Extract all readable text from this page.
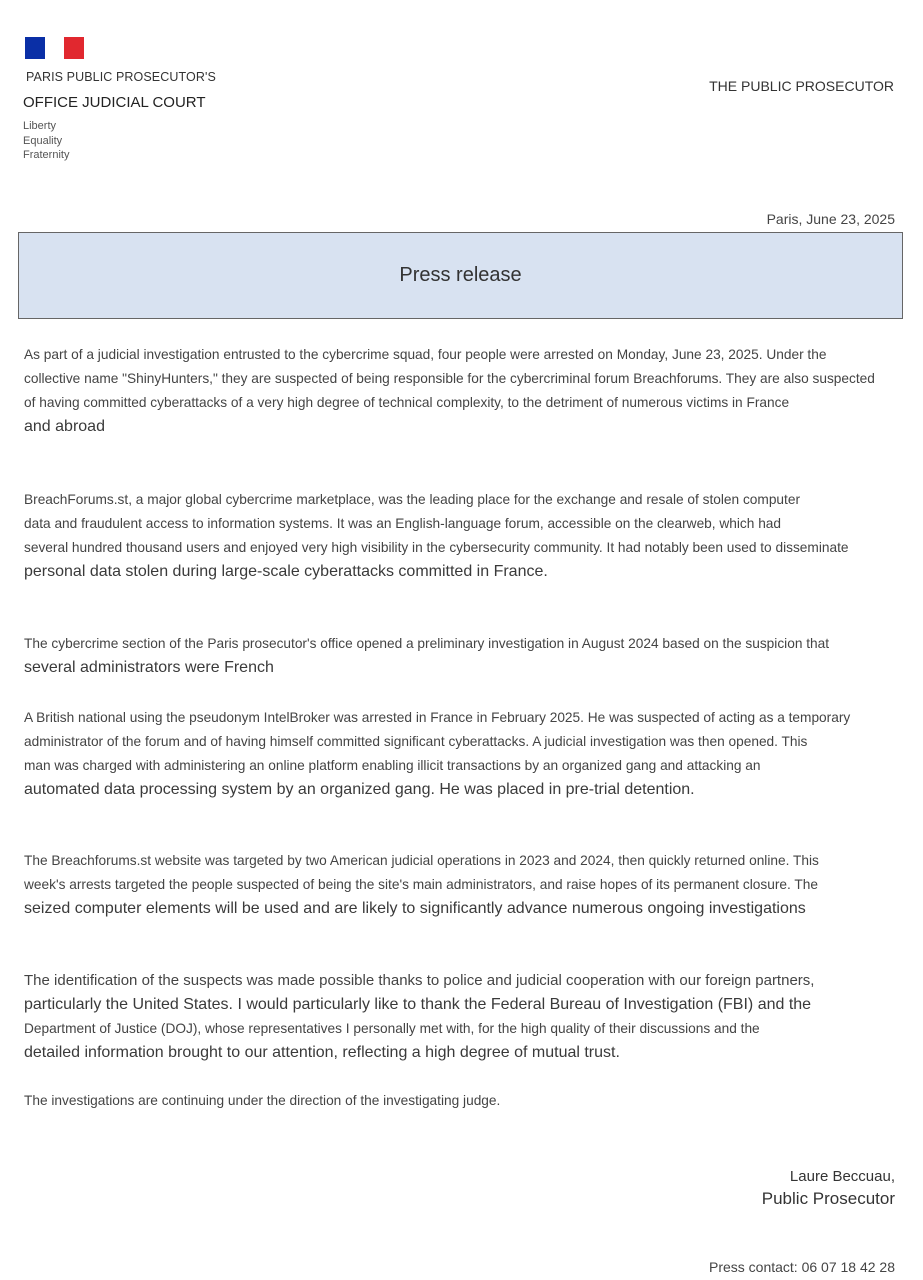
PARIS PUBLIC PROSECUTOR'S
OFFICE JUDICIAL COURT
Liberty
Equality
Fraternity
THE PUBLIC PROSECUTOR
Paris, June 23, 2025
Press release
As part of a judicial investigation entrusted to the cybercrime squad, four people were arrested on Monday, June 23, 2025. Under the
collective name "ShinyHunters," they are suspected of being responsible for the cybercriminal forum Breachforums. They are also suspected
of having committed cyberattacks of a very high degree of technical complexity, to the detriment of numerous victims in France
and abroad
BreachForums.st, a major global cybercrime marketplace, was the leading place for the exchange and resale of stolen computer
data and fraudulent access to information systems. It was an English-language forum, accessible on the clearweb, which had
several hundred thousand users and enjoyed very high visibility in the cybersecurity community. It had notably been used to disseminate
personal data stolen during large-scale cyberattacks committed in France.
The cybercrime section of the Paris prosecutor's office opened a preliminary investigation in August 2024 based on the suspicion that
several administrators were French
A British national using the pseudonym IntelBroker was arrested in France in February 2025. He was suspected of acting as a temporary
administrator of the forum and of having himself committed significant cyberattacks. A judicial investigation was then opened. This
man was charged with administering an online platform enabling illicit transactions by an organized gang and attacking an
automated data processing system by an organized gang. He was placed in pre-trial detention.
The Breachforums.st website was targeted by two American judicial operations in 2023 and 2024, then quickly returned online. This
week's arrests targeted the people suspected of being the site's main administrators, and raise hopes of its permanent closure. The
seized computer elements will be used and are likely to significantly advance numerous ongoing investigations
The identification of the suspects was made possible thanks to police and judicial cooperation with our foreign partners,
particularly the United States. I would particularly like to thank the Federal Bureau of Investigation (FBI) and the
Department of Justice (DOJ), whose representatives I personally met with, for the high quality of their discussions and the
detailed information brought to our attention, reflecting a high degree of mutual trust.
The investigations are continuing under the direction of the investigating judge.
Laure Beccuau,
Public Prosecutor
Press contact: 06 07 18 42 28
